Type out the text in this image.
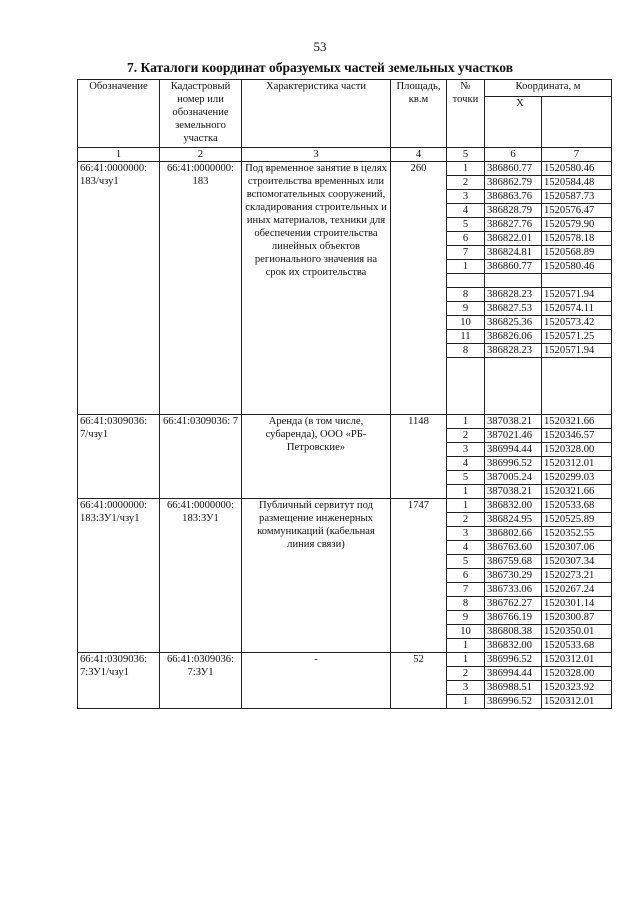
53
7. Каталоги координат образуемых частей земельных участков
Обозначение	Кадастровый номер или обозначение земельного участка	Характеристика части	Площадь, кв.м	№ точки	Координата, м	
					X	
1	2	3	4	5	6	7
66:41:0000000: 183/чзу1	66:41:0000000: 183	Под временное занятие в целях строительства временных или вспомогательных сооружений, складирования строительных и иных материалов, техники для обеспечения строительства линейных объектов регионального значения на срок их строительства	260	1	386860.77	1520580.46
				2	386862.79	1520584.48
				3	386863.76	1520587.73
				4	386828.79	1520576.47
				5	386827.76	1520579.90
				6	386822.01	1520578.18
				7	386824.81	1520568.89
				1	386860.77	1520580.46

				8	386828.23	1520571.94
				9	386827.53	1520574.11
				10	386825.36	1520573.42
				11	386826.06	1520571.25
				8	386828.23	1520571.94

66:41:0309036: 7/чзу1	66:41:0309036: 7	Аренда (в том числе, субаренда), ООО «РБ-Петровские»	1148	1	387038.21	1520321.66
				2	387021.46	1520346.57
				3	386994.44	1520328.00
				4	386996.52	1520312.01
				5	387005.24	1520299.03
				1	387038.21	1520321.66
66:41:0000000: 183:ЗУ1/чзу1	66:41:0000000: 183:ЗУ1	Публичный сервитут под размещение инженерных коммуникаций (кабельная линия связи)	1747	1	386832.00	1520533.68
				2	386824.95	1520525.89
				3	386802.66	1520352.55
				4	386763.60	1520307.06
				5	386759.68	1520307.34
				6	386730.29	1520273.21
				7	386733.06	1520267.24
				8	386762.27	1520301.14
				9	386766.19	1520300.87
				10	386808.38	1520350.01
				1	386832.00	1520533.68
66:41:0309036: 7:ЗУ1/чзу1	66:41:0309036: 7:ЗУ1	-	52	1	386996.52	1520312.01
				2	386994.44	1520328.00
				3	386988.51	1520323.92
				1	386996.52	1520312.01
